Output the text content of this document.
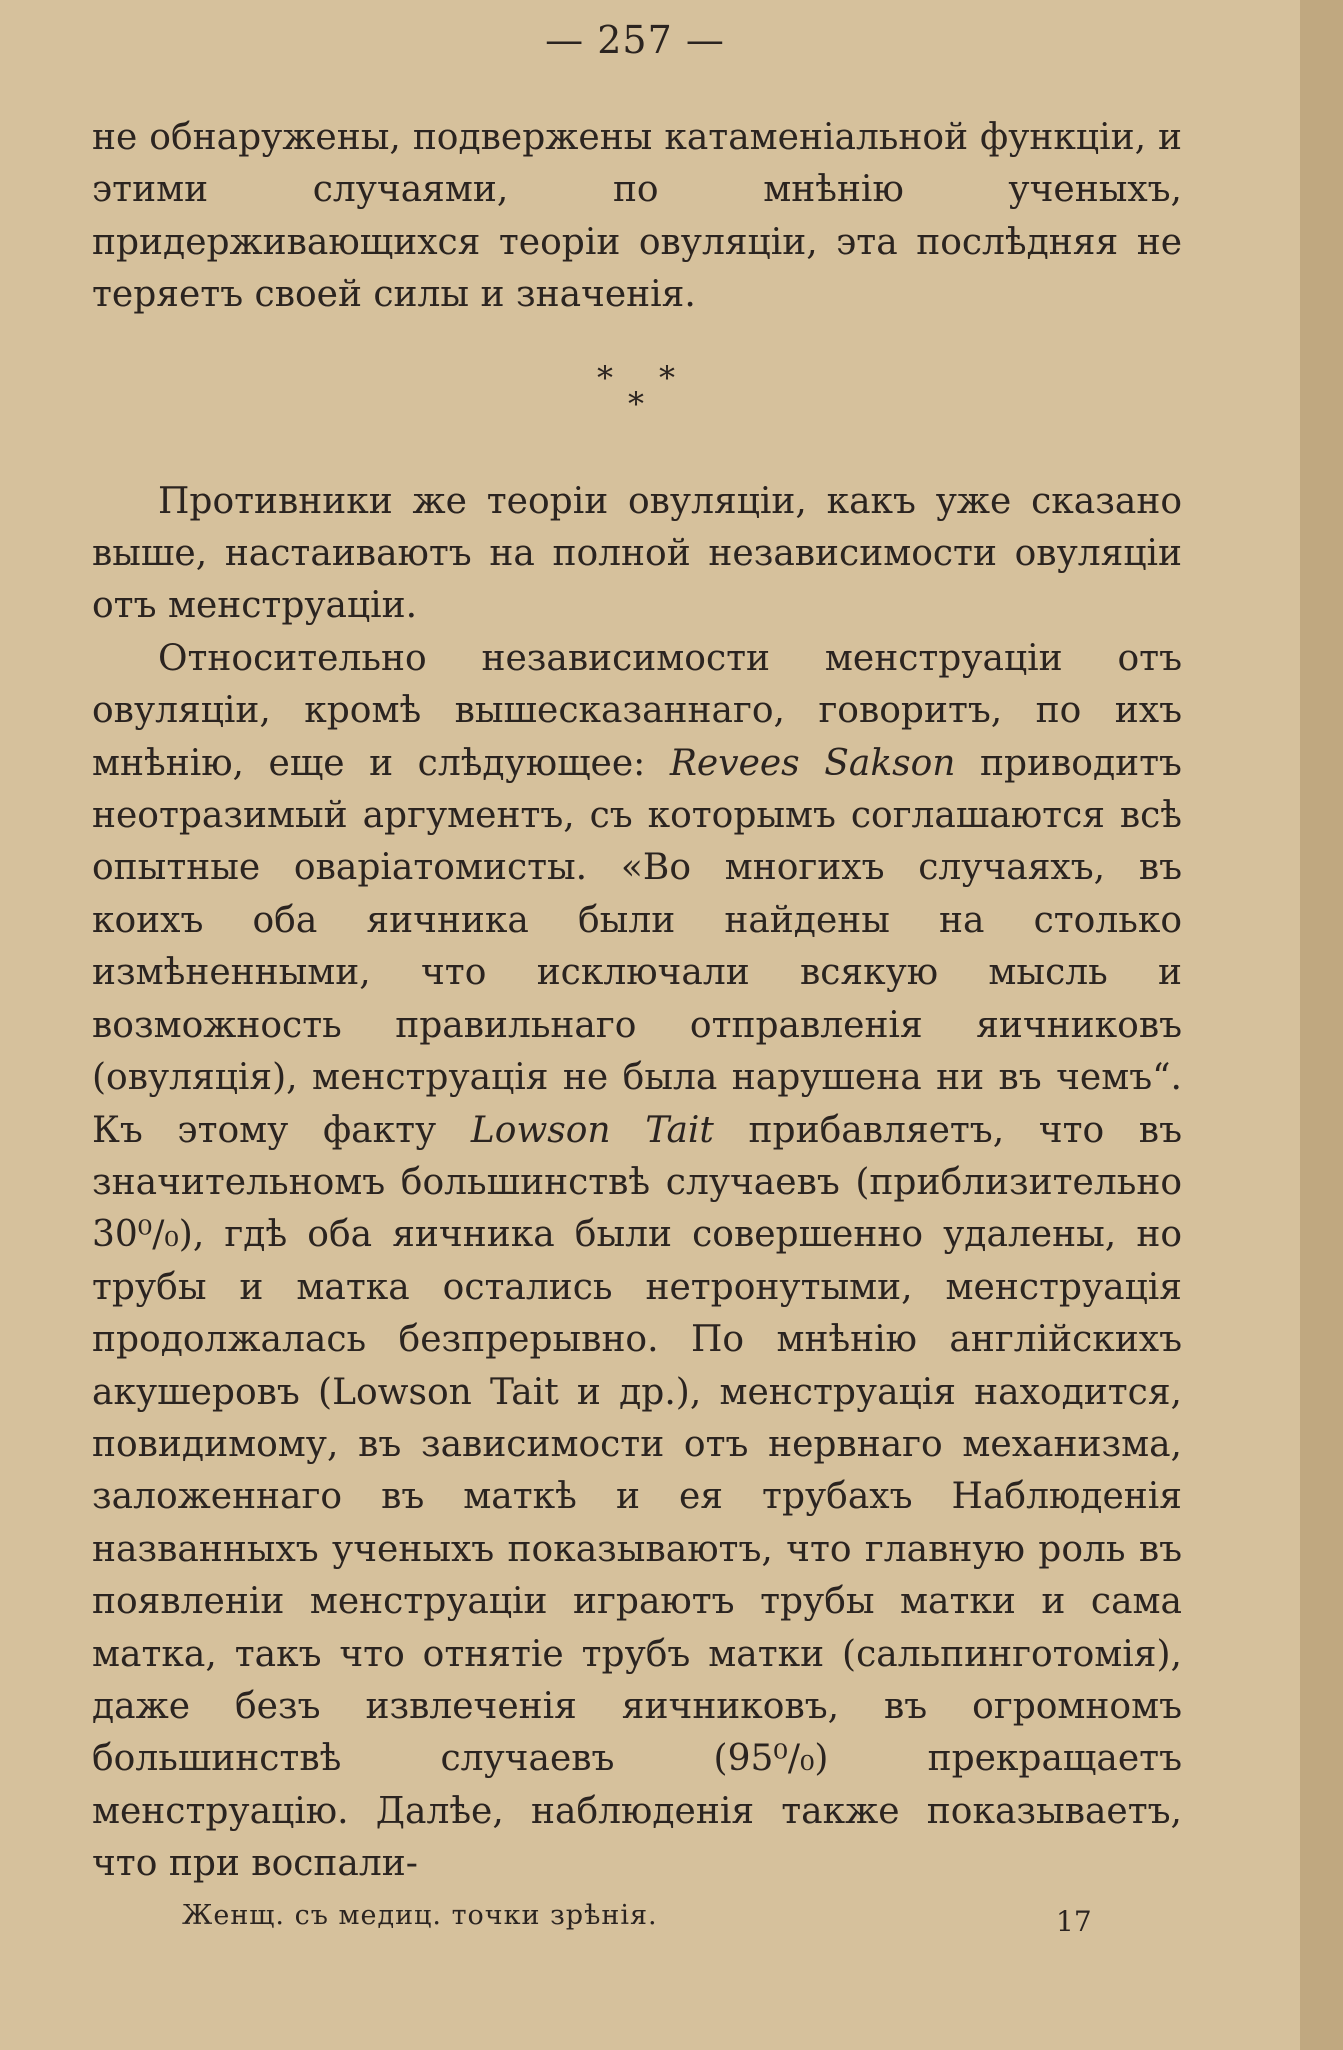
— 257 —

не обнаружены, подвержены катаменіальной функціи, и этими случаями, по мнѣнію ученыхъ, придерживающихся теоріи овуляціи, эта послѣдняя не теряетъ своей силы и значенія.

* *
*

Противники же теоріи овуляціи, какъ уже сказано выше, настаиваютъ на полной независимости овуляціи отъ менструаціи.

Относительно независимости менструаціи отъ овуляціи, кромѣ вышесказаннаго, говоритъ, по ихъ мнѣнію, еще и слѣдующее: Revees Sakson приводитъ неотразимый аргументъ, съ которымъ соглашаются всѣ опытные оваріатомисты. «Во многихъ случаяхъ, въ коихъ оба яичника были найдены на столько измѣненными, что исключали всякую мысль и возможность правильнаго отправленія яичниковъ (овуляція), менструація не была нарушена ни въ чемъ“. Къ этому факту Lowson Tait прибавляетъ, что въ значительномъ большинствѣ случаевъ (приблизительно 30⁰/₀), гдѣ оба яичника были совершенно удалены, но трубы и матка остались нетронутыми, менструація продолжалась безпрерывно. По мнѣнію англійскихъ акушеровъ (Lowson Tait и др.), менструація находится, повидимому, въ зависимости отъ нервнаго механизма, заложеннаго въ маткѣ и ея трубахъ Наблюденія названныхъ ученыхъ показываютъ, что главную роль въ появленіи менструаціи играютъ трубы матки и сама матка, такъ что отнятіе трубъ матки (сальпинготомія), даже безъ извлеченія яичниковъ, въ огромномъ большинствѣ случаевъ (95⁰/₀) прекращаетъ менструацію. Далѣе, наблюденія также показываетъ, что при воспали-

Женщ. съ медиц. точки зрѣнія.	17
